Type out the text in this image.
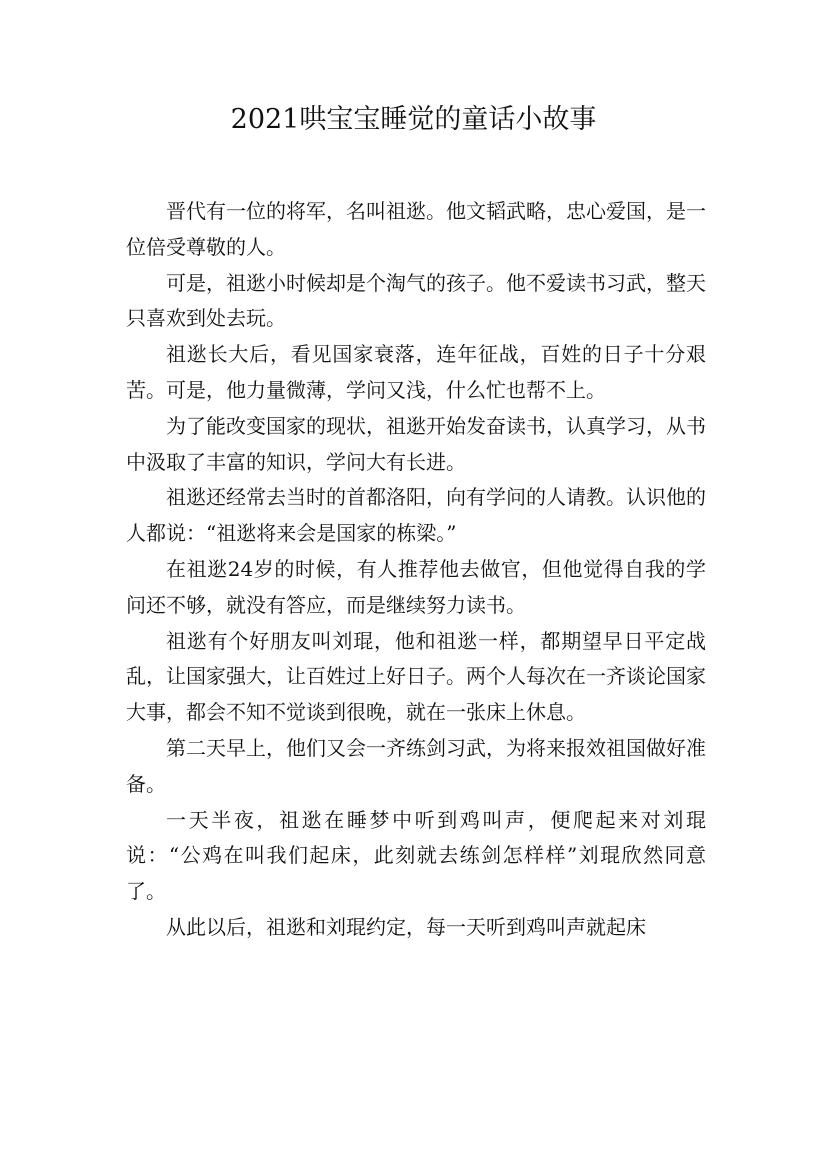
2021哄宝宝睡觉的童话小故事

晋代有一位的将军，名叫祖逖。他文韬武略，忠心爱国，是一位倍受尊敬的人。

可是，祖逖小时候却是个淘气的孩子。他不爱读书习武，整天只喜欢到处去玩。

祖逖长大后，看见国家衰落，连年征战，百姓的日子十分艰苦。可是，他力量微薄，学问又浅，什么忙也帮不上。

为了能改变国家的现状，祖逖开始发奋读书，认真学习，从书中汲取了丰富的知识，学问大有长进。

祖逖还经常去当时的首都洛阳，向有学问的人请教。认识他的人都说：“祖逖将来会是国家的栋梁。”

在祖逖24岁的时候，有人推荐他去做官，但他觉得自我的学问还不够，就没有答应，而是继续努力读书。

祖逖有个好朋友叫刘琨，他和祖逖一样，都期望早日平定战乱，让国家强大，让百姓过上好日子。两个人每次在一齐谈论国家大事，都会不知不觉谈到很晚，就在一张床上休息。

第二天早上，他们又会一齐练剑习武，为将来报效祖国做好准备。

一天半夜，祖逖在睡梦中听到鸡叫声，便爬起来对刘琨说：“公鸡在叫我们起床，此刻就去练剑怎样样”刘琨欣然同意了。

从此以后，祖逖和刘琨约定，每一天听到鸡叫声就起床
